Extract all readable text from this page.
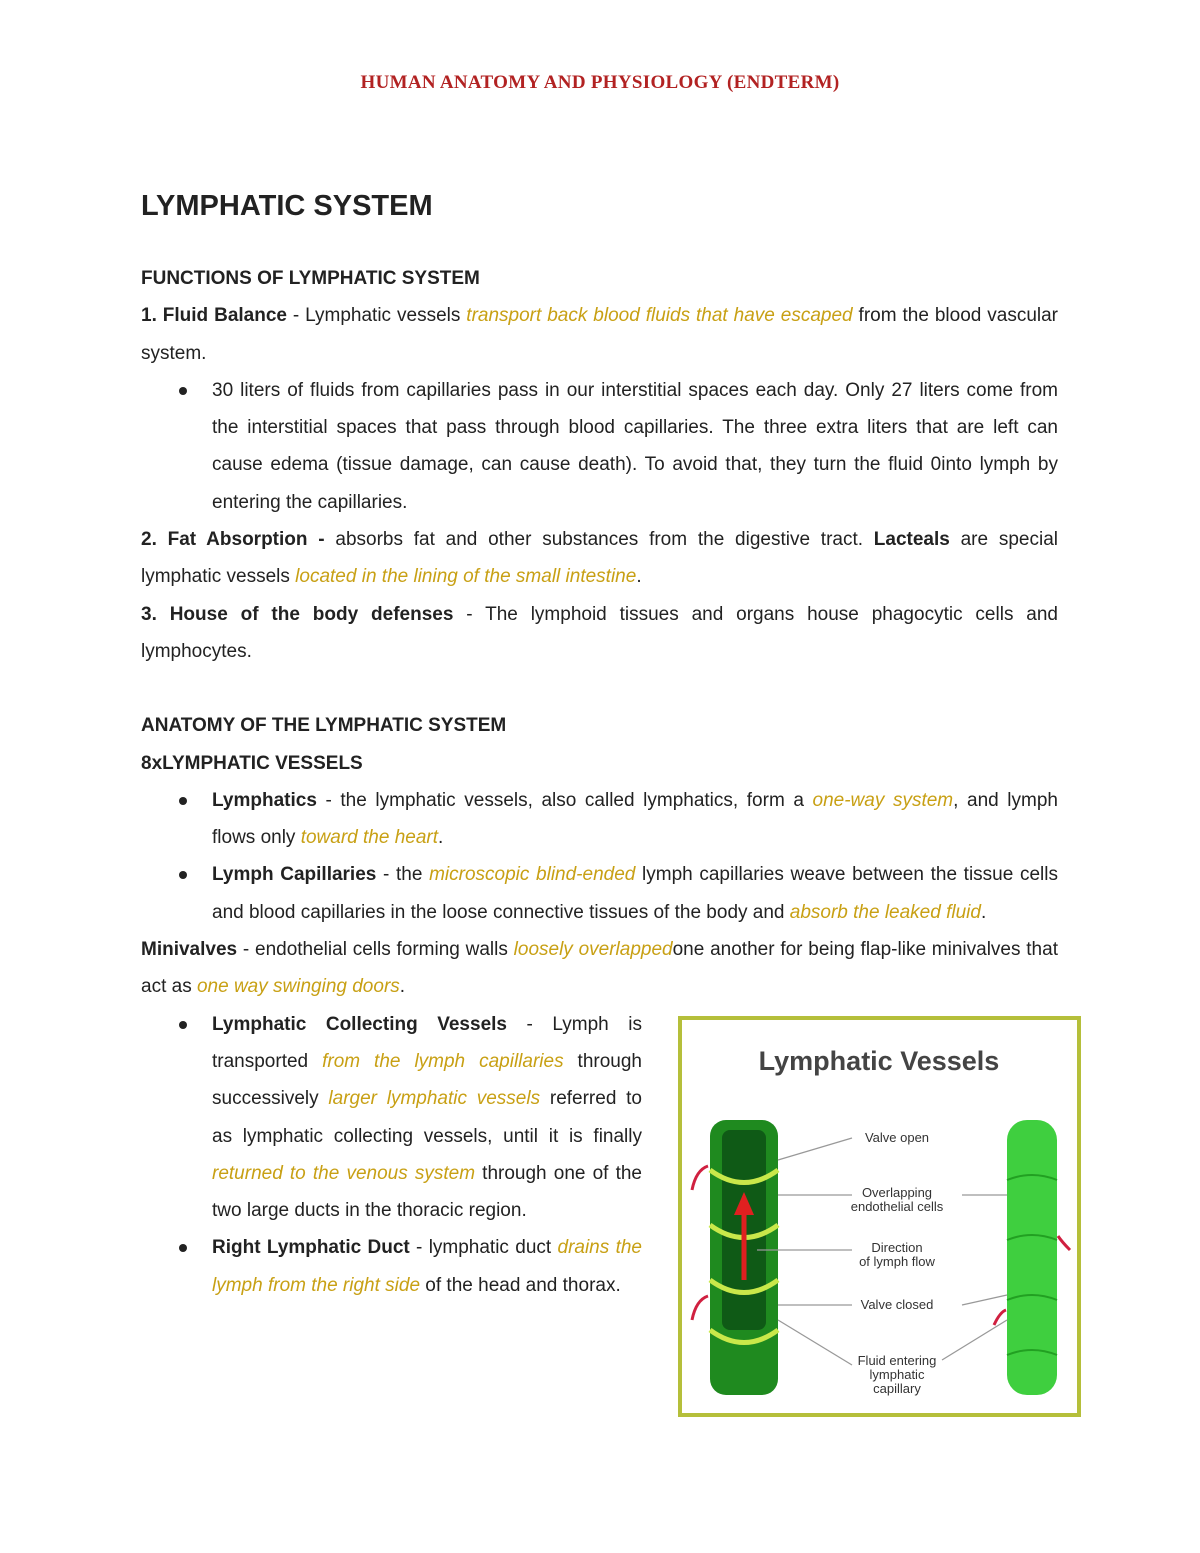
HUMAN ANATOMY AND PHYSIOLOGY (ENDTERM)
LYMPHATIC SYSTEM

FUNCTIONS OF LYMPHATIC SYSTEM

1. Fluid Balance - Lymphatic vessels transport back blood fluids that have escaped from the blood vascular system.

30 liters of fluids from capillaries pass in our interstitial spaces each day. Only 27 liters come from the interstitial spaces that pass through blood capillaries. The three extra liters that are left can cause edema (tissue damage, can cause death). To avoid that, they turn the fluid 0into lymph by entering the capillaries.

2. Fat Absorption - absorbs fat and other substances from the digestive tract. Lacteals are special lymphatic vessels located in the lining of the small intestine.

3. House of the body defenses - The lymphoid tissues and organs house phagocytic cells and lymphocytes.

ANATOMY OF THE LYMPHATIC SYSTEM

8xLYMPHATIC VESSELS

Lymphatics - the lymphatic vessels, also called lymphatics, form a one-way system, and lymph flows only toward the heart.
Lymph Capillaries - the microscopic blind-ended lymph capillaries weave between the tissue cells and blood capillaries in the loose connective tissues of the body and absorb the leaked fluid.

Minivalves - endothelial cells forming walls loosely overlappedone another for being flap-like minivalves that act as one way swinging doors.

Lymphatic Collecting Vessels - Lymph is transported from the lymph capillaries through successively larger lymphatic vessels referred to as lymphatic collecting vessels, until it is finally returned to the venous system through one of the two large ducts in the thoracic region.
Right Lymphatic Duct - lymphatic duct drains the lymph from the right side of the head and thorax.
Lymphatic Vessels
Valve open
Overlapping
endothelial cells
Direction
of lymph flow
Valve closed
Fluid entering
lymphatic
capillary
